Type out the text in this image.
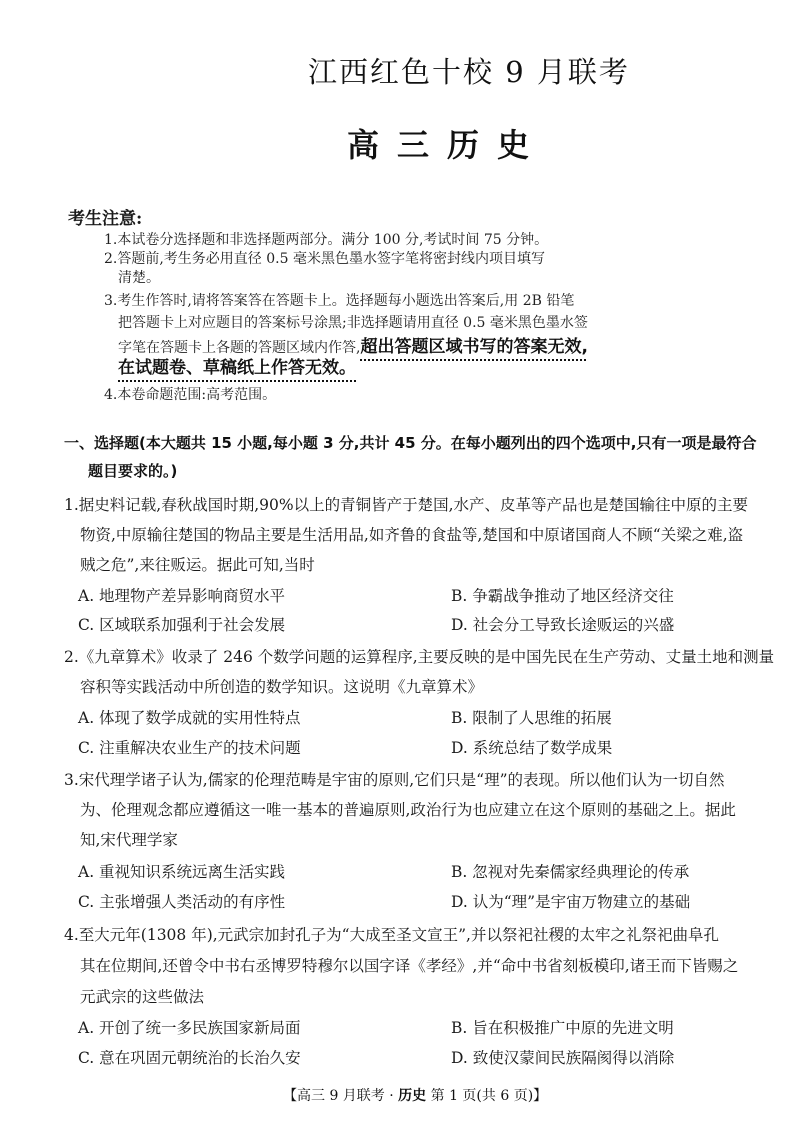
江西红色十校 9 月联考
高三历史
考生注意:
1.本试卷分选择题和非选择题两部分。满分 100 分,考试时间 75 分钟。
2.答题前,考生务必用直径 0.5 毫米黑色墨水签字笔将密封线内项目填写
清楚。
3.考生作答时,请将答案答在答题卡上。选择题每小题选出答案后,用 2B 铅笔
把答题卡上对应题目的答案标号涂黑;非选择题请用直径 0.5 毫米黑色墨水签
字笔在答题卡上各题的答题区域内作答,超出答题区域书写的答案无效,
在试题卷、草稿纸上作答无效。
4.本卷命题范围:高考范围。
一、选择题(本大题共 15 小题,每小题 3 分,共计 45 分。在每小题列出的四个选项中,只有一项是最符合
题目要求的。)
1.据史料记载,春秋战国时期,90%以上的青铜皆产于楚国,水产、皮革等产品也是楚国输往中原的主要
物资,中原输往楚国的物品主要是生活用品,如齐鲁的食盐等,楚国和中原诸国商人不顾“关梁之难,盗
贼之危”,来往贩运。据此可知,当时
A. 地理物产差异影响商贸水平	B. 争霸战争推动了地区经济交往
C. 区域联系加强利于社会发展	D. 社会分工导致长途贩运的兴盛
2.《九章算术》收录了 246 个数学问题的运算程序,主要反映的是中国先民在生产劳动、丈量土地和测量
容积等实践活动中所创造的数学知识。这说明《九章算术》
A. 体现了数学成就的实用性特点	B. 限制了人思维的拓展
C. 注重解决农业生产的技术问题	D. 系统总结了数学成果
3.宋代理学诸子认为,儒家的伦理范畴是宇宙的原则,它们只是“理”的表现。所以他们认为一切自然
为、伦理观念都应遵循这一唯一基本的普遍原则,政治行为也应建立在这个原则的基础之上。据此
知,宋代理学家
A. 重视知识系统远离生活实践	B. 忽视对先秦儒家经典理论的传承
C. 主张增强人类活动的有序性	D. 认为“理”是宇宙万物建立的基础
4.至大元年(1308 年),元武宗加封孔子为“大成至圣文宣王”,并以祭祀社稷的太牢之礼祭祀曲阜孔
其在位期间,还曾令中书右丞博罗特穆尔以国字译《孝经》,并“命中书省刻板模印,诸王而下皆赐之
元武宗的这些做法
A. 开创了统一多民族国家新局面	B. 旨在积极推广中原的先进文明
C. 意在巩固元朝统治的长治久安	D. 致使汉蒙间民族隔阂得以消除
【高三 9 月联考 · 历史 第 1 页(共 6 页)】
